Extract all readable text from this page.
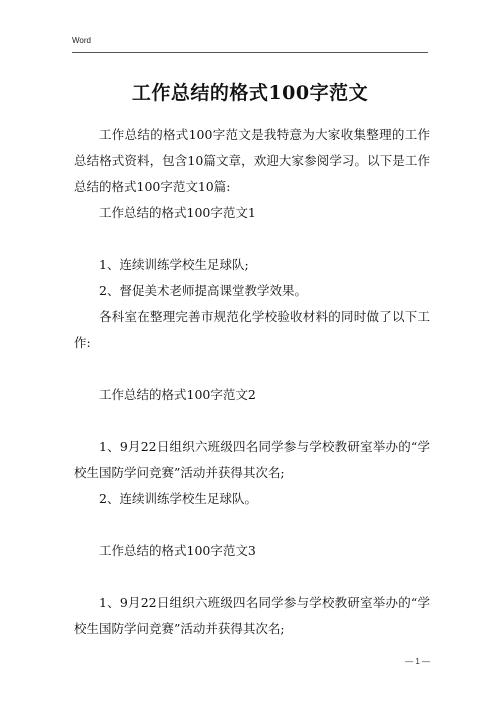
Word
工作总结的格式100字范文

工作总结的格式100字范文是我特意为大家收集整理的工作总结格式资料，包含10篇文章，欢迎大家参阅学习。以下是工作总结的格式100字范文10篇:

工作总结的格式100字范文1

1、连续训练学校生足球队;

2、督促美术老师提高课堂教学效果。

各科室在整理完善市规范化学校验收材料的同时做了以下工作:

工作总结的格式100字范文2

1、9月22日组织六班级四名同学参与学校教研室举办的“学校生国防学问竞赛”活动并获得其次名;

2、连续训练学校生足球队。

工作总结的格式100字范文3

1、9月22日组织六班级四名同学参与学校教研室举办的“学校生国防学问竞赛”活动并获得其次名;

— 1 —
